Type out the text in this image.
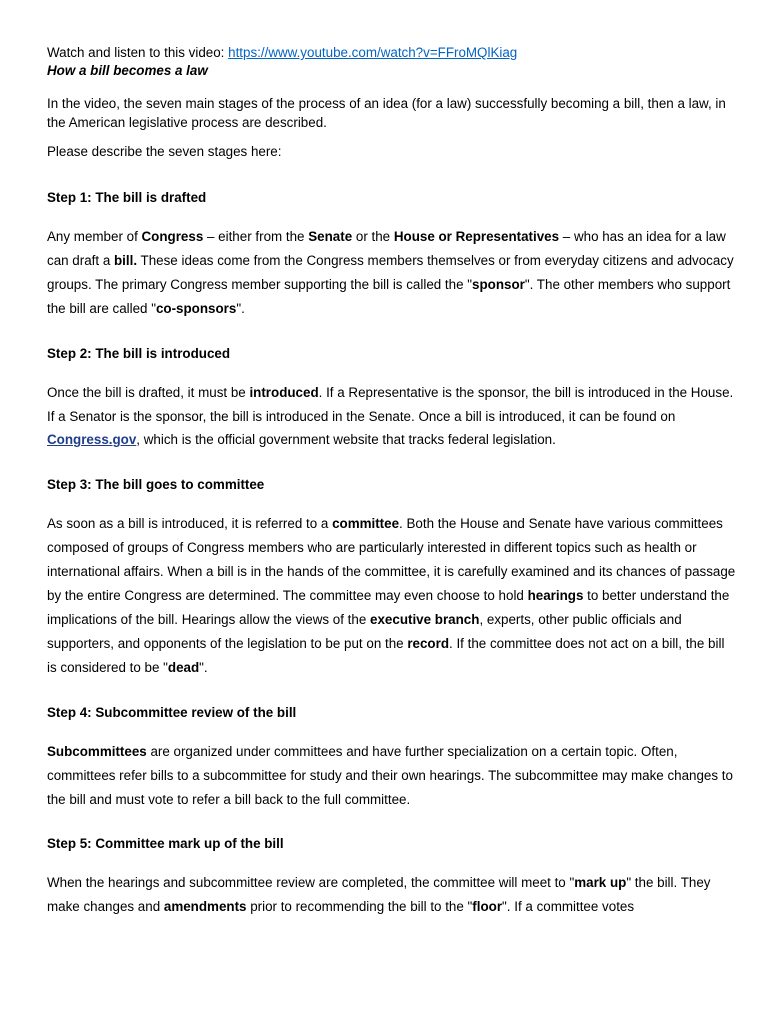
Watch and listen to this video: https://www.youtube.com/watch?v=FFroMQlKiag

How a bill becomes a law

In the video, the seven main stages of the process of an idea (for a law) successfully becoming a bill, then a law, in the American legislative process are described.

Please describe the seven stages here:

Step 1: The bill is drafted

Any member of Congress – either from the Senate or the House or Representatives – who has an idea for a law can draft a bill. These ideas come from the Congress members themselves or from everyday citizens and advocacy groups. The primary Congress member supporting the bill is called the "sponsor". The other members who support the bill are called "co-sponsors".

Step 2: The bill is introduced

Once the bill is drafted, it must be introduced. If a Representative is the sponsor, the bill is introduced in the House. If a Senator is the sponsor, the bill is introduced in the Senate. Once a bill is introduced, it can be found on Congress.gov, which is the official government website that tracks federal legislation.

Step 3: The bill goes to committee

As soon as a bill is introduced, it is referred to a committee. Both the House and Senate have various committees composed of groups of Congress members who are particularly interested in different topics such as health or international affairs. When a bill is in the hands of the committee, it is carefully examined and its chances of passage by the entire Congress are determined. The committee may even choose to hold hearings to better understand the implications of the bill. Hearings allow the views of the executive branch, experts, other public officials and supporters, and opponents of the legislation to be put on the record. If the committee does not act on a bill, the bill is considered to be "dead".

Step 4: Subcommittee review of the bill

Subcommittees are organized under committees and have further specialization on a certain topic. Often, committees refer bills to a subcommittee for study and their own hearings. The subcommittee may make changes to the bill and must vote to refer a bill back to the full committee.

Step 5: Committee mark up of the bill

When the hearings and subcommittee review are completed, the committee will meet to "mark up" the bill. They make changes and amendments prior to recommending the bill to the "floor". If a committee votes
